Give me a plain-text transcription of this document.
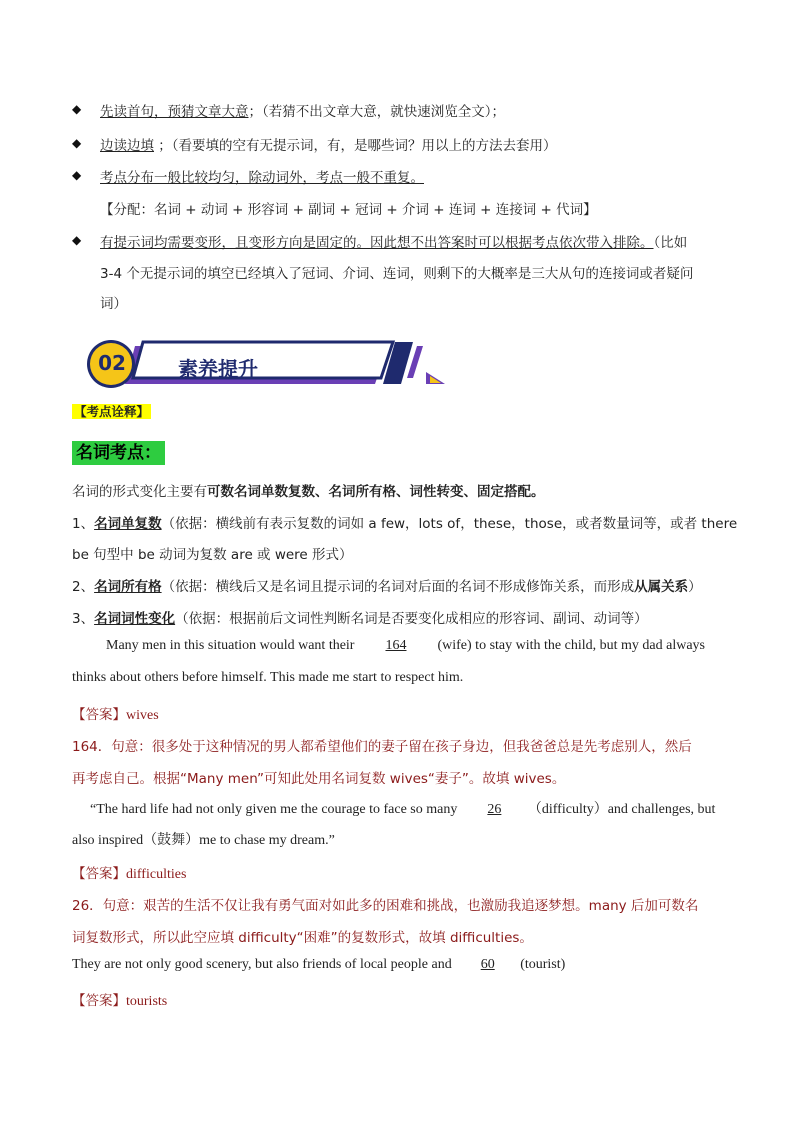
◆ 先读首句，预猜文章大意；（若猜不出文章大意，就快速浏览全文）；
◆ 边读边填 ；（看要填的空有无提示词，有，是哪些词？用以上的方法去套用）
◆ 考点分布一般比较均匀，除动词外，考点一般不重复。
【分配：名词 + 动词 + 形容词 + 副词 + 冠词 + 介词 + 连词 + 连接词 + 代词】
◆ 有提示词均需要变形，且变形方向是固定的。因此想不出答案时可以根据考点依次带入排除。（比如
3-4 个无提示词的填空已经填入了冠词、介词、连词，则剩下的大概率是三大从句的连接词或者疑问
词）
02	素养提升
【考点诠释】
名词考点：
名词的形式变化主要有可数名词单数复数、名词所有格、词性转变、固定搭配。
1、名词单复数（依据：横线前有表示复数的词如 a few，lots of，these，those，或者数量词等，或者 there
be 句型中 be 动词为复数 are 或 were 形式）
2、名词所有格（依据：横线后又是名词且提示词的名词对后面的名词不形成修饰关系，而形成从属关系）
3、名词词性变化（依据：根据前后文词性判断名词是否要变化成相应的形容词、副词、动词等）
Many men in this situation would want their 164 (wife) to stay with the child, but my dad always
thinks about others before himself. This made me start to respect him.
【答案】wives
164．句意：很多处于这种情况的男人都希望他们的妻子留在孩子身边，但我爸爸总是先考虑别人，然后
再考虑自己。根据“Many men”可知此处用名词复数 wives“妻子”。故填 wives。
“The hard life had not only given me the courage to face so many 26 （difficulty）and challenges, but
also inspired（鼓舞）me to chase my dream.”
【答案】difficulties
26．句意：艰苦的生活不仅让我有勇气面对如此多的困难和挑战，也激励我追逐梦想。many 后加可数名
词复数形式，所以此空应填 difficulty“困难”的复数形式，故填 difficulties。
They are not only good scenery, but also friends of local people and 60 (tourist)
【答案】tourists
